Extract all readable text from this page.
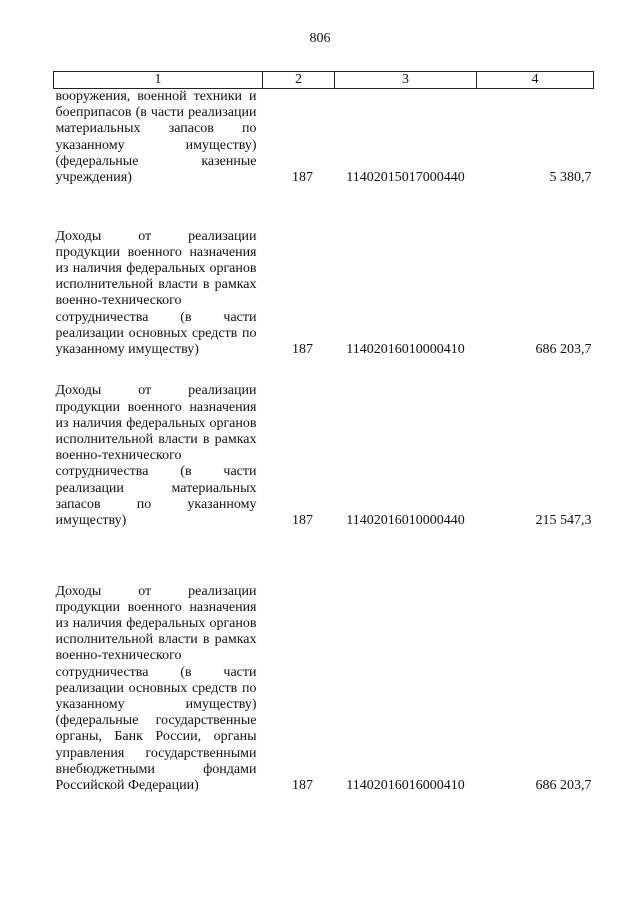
806
1	2	3	4
вооружения, военной техники и боеприпасов (в части реализации материальных запасов по указанному имуществу) (федеральные казенные учреждения)	187	11402015017000440	5 380,7
Доходы от реализации продукции военного назначения из наличия федеральных органов исполнительной власти в рамках военно-технического сотрудничества (в части реализации основных средств по указанному имуществу)	187	11402016010000410	686 203,7
Доходы от реализации продукции военного назначения из наличия федеральных органов исполнительной власти в рамках военно-технического сотрудничества (в части реализации материальных запасов по указанному имуществу)	187	11402016010000440	215 547,3
Доходы от реализации продукции военного назначения из наличия федеральных органов исполнительной власти в рамках военно-технического сотрудничества (в части реализации основных средств по указанному имуществу) (федеральные государственные органы, Банк России, органы управления государственными внебюджетными фондами Российской Федерации)	187	11402016016000410	686 203,7
